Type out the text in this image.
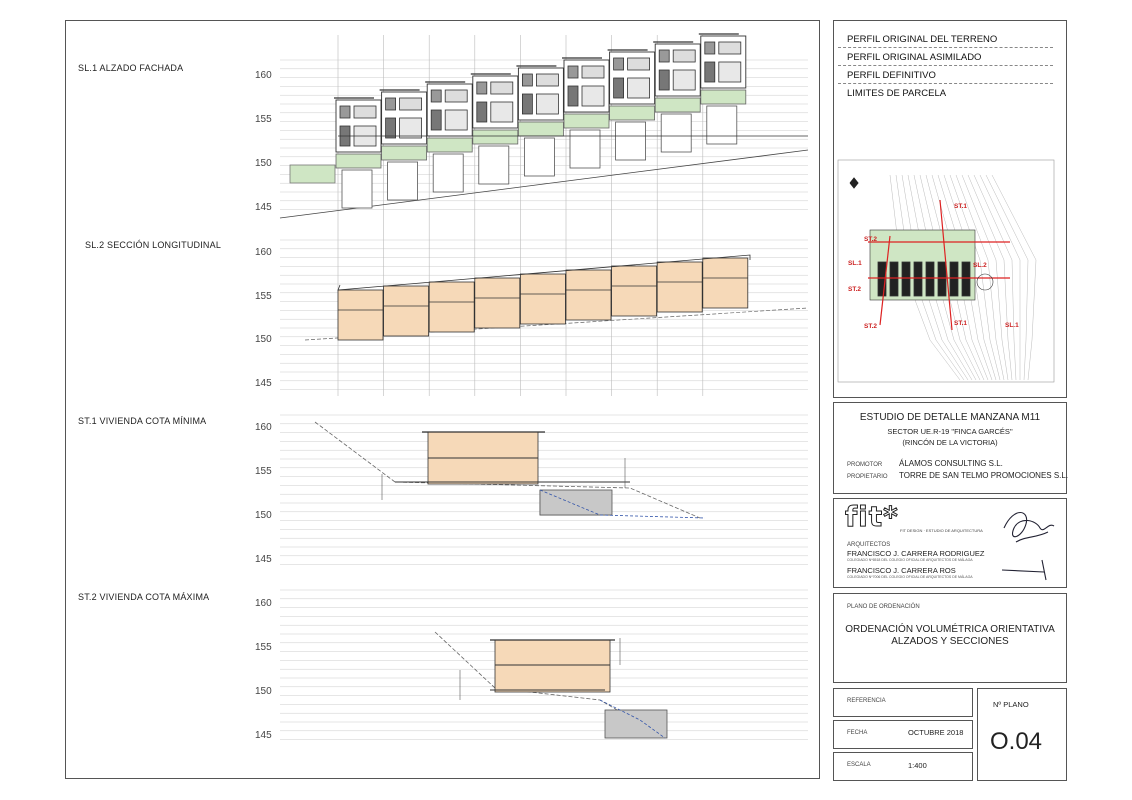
SL.1 ALZADO FACHADA
SL.2 SECCIÓN LONGITUDINAL
ST.1 VIVIENDA COTA MÍNIMA
ST.2 VIVIENDA COTA MÁXIMA
160
155
150
145
160
155
150
145
160
155
150
145
160
155
150
145
PERFIL ORIGINAL DEL TERRENO
PERFIL ORIGINAL ASIMILADO
PERFIL DEFINITIVO
LIMITES DE PARCELA
ESTUDIO DE DETALLE MANZANA M11
SECTOR UE.R-19 "FINCA GARCÉS"
(RINCÓN DE LA VICTORIA)
PROMOTOR ÁLAMOS CONSULTING S.L.
PROPIETARIO TORRE DE SAN TELMO PROMOCIONES S.L.
fit* FIT DESIGN · ESTUDIO DE ARQUITECTURA
ARQUITECTOS
FRANCISCO J. CARRERA RODRIGUEZ
COLEGIADO Nº6518 DEL COLEGIO OFICIAL DE ARQUITECTOS DE MÁLAGA
FRANCISCO J. CARRERA ROS
COLEGIADO Nº7006 DEL COLEGIO OFICIAL DE ARQUITECTOS DE MÁLAGA
PLANO DE ORDENACIÓN
ORDENACIÓN VOLUMÉTRICA ORIENTATIVA
ALZADOS Y SECCIONES
REFERENCIA
FECHA	OCTUBRE 2018
ESCALA	1:400
Nº PLANO
O.04
ST.1
ST.2
SL.1	SL.2
ST.2	ST.1	SL.1
ST.2
